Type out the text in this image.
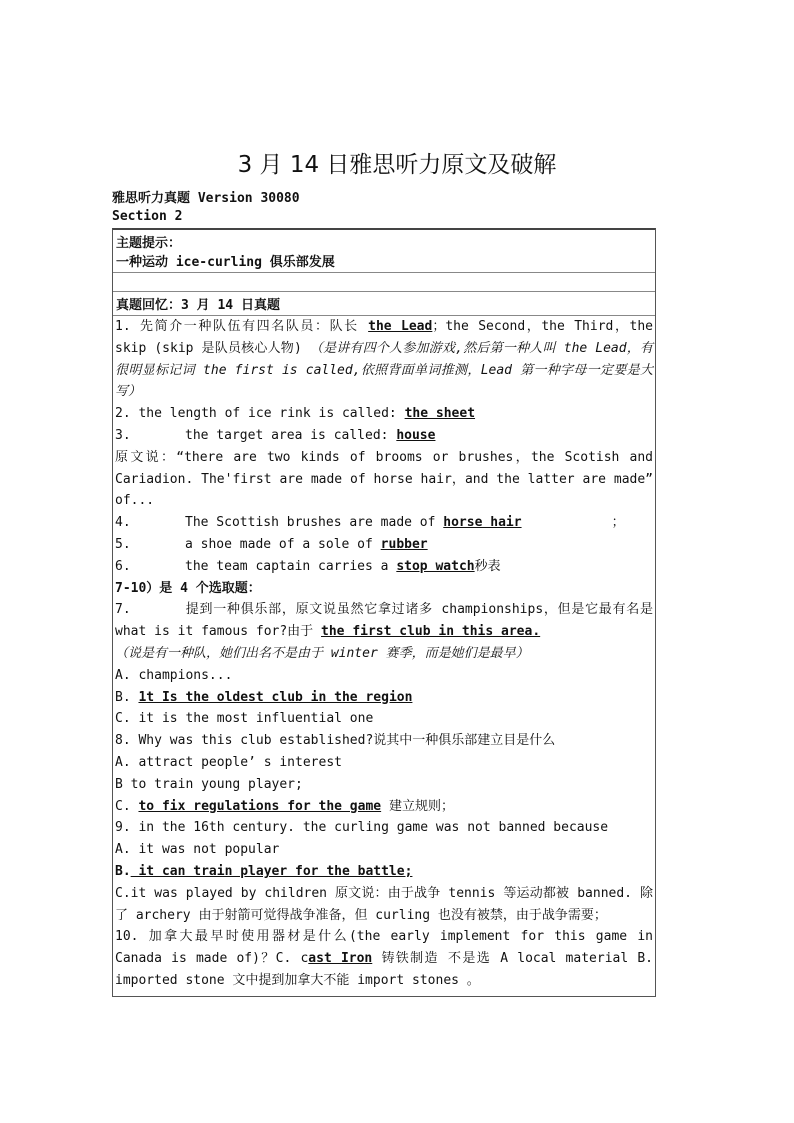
3 月 14 日雅思听力原文及破解
雅思听力真题 Version 30080
Section 2
主题提示：
一种运动 ice-curling 俱乐部发展
真题回忆：3 月 14 日真题
1. 先简介一种队伍有四名队员：队长 the Lead；the Second，the Third，the skip (skip 是队员核心人物) （是讲有四个人参加游戏,然后第一种人叫 the Lead，有很明显标记词 the first is called,依照背面单词推测，Lead 第一种字母一定要是大写）
2. the length of ice rink is called: the sheet
3.	the target area is called: house
原文说：“there are two kinds of brooms or brushes，the Scotish and Cariadion. The'first are made of horse hair，and the latter are made” of...
4.	The Scottish brushes are made of horse hair	；
5.	a shoe made of a sole of rubber
6.	the team captain carries a stop watch秒表
7-10）是 4 个选取题：
7.	提到一种俱乐部，原文说虽然它拿过诸多 championships，但是它最有名是 what is it famous for?由于 the first club in this area.
（说是有一种队，她们出名不是由于 winter 赛季，而是她们是最早）
A. champions...
B. 1t Is the oldest club in the region
C. it is the most influential one
8. Why was this club established?说其中一种俱乐部建立目是什么
A. attract people’ s interest
B to train young player;
C. to fix regulations for the game 建立规则；
9. in the 16th century. the curling game was not banned because
A. it was not popular
B. it can train player for the battle;
C.it was played by children 原文说：由于战争 tennis 等运动都被 banned. 除了 archery 由于射箭可觉得战争准备，但 curling 也没有被禁，由于战争需要；
10. 加拿大最早时使用器材是什么(the early implement for this game in Canada is made of)？C. cast Iron 铸铁制造 不是选 A local material B. imported stone 文中提到加拿大不能 import stones 。
